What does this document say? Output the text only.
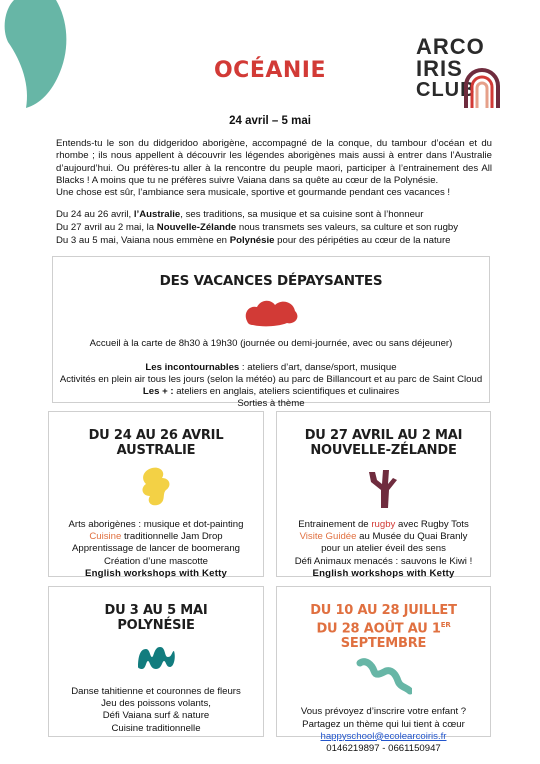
ARCO
IRIS
CLUB
OCÉANIE
24 avril – 5 mai
Entends-tu le son du didgeridoo aborigène, accompagné de la conque, du tambour d’océan et du rhombe ; ils nous appellent à découvrir les légendes aborigènes mais aussi à entrer dans l’Australie d’aujourd’hui. Ou préfères-tu aller à la rencontre du peuple maori, participer à l’entrainement des All Blacks ! A moins que tu ne préfères suivre Vaiana dans sa quête au cœur de la Polynésie.
Une chose est sûr, l’ambiance sera musicale, sportive et gourmande pendant ces vacances !
Du 24 au 26 avril, l’Australie, ses traditions, sa musique et sa cuisine sont à l’honneur
Du 27 avril au 2 mai, la Nouvelle-Zélande nous transmets ses valeurs, sa culture et son rugby
Du 3 au 5 mai, Vaiana nous emmène en Polynésie pour des péripéties au cœur de la nature
DES VACANCES DÉPAYSANTES
Accueil à la carte de 8h30 à 19h30 (journée ou demi-journée, avec ou sans déjeuner)
Les incontournables : ateliers d’art, danse/sport, musique
Activités en plein air tous les jours (selon la météo) au parc de Billancourt et au parc de Saint Cloud
Les + : ateliers en anglais, ateliers scientifiques et culinaires
Sorties à thème
DU 24 AU 26 AVRIL
AUSTRALIE
Arts aborigènes : musique et dot-painting
Cuisine traditionnelle Jam Drop
Apprentissage de lancer de boomerang
Création d’une mascotte
English workshops with Ketty
DU 27 AVRIL AU 2 MAI
NOUVELLE-ZÉLANDE
Entrainement de rugby avec Rugby Tots
Visite Guidée au Musée du Quai Branly
pour un atelier éveil des sens
Défi Animaux menacés : sauvons le Kiwi !
English workshops with Ketty
DU 3 AU 5 MAI
POLYNÉSIE
Danse tahitienne et couronnes de fleurs
Jeu des poissons volants,
Défi Vaiana surf & nature
Cuisine traditionnelle
DU 10 AU 28 JUILLET
DU 28 AOÛT AU 1ER SEPTEMBRE
Vous prévoyez d’inscrire votre enfant ?
Partagez un thème qui lui tient à cœur
happyschool@ecolearcoiris.fr
0146219897 - 0661150947
